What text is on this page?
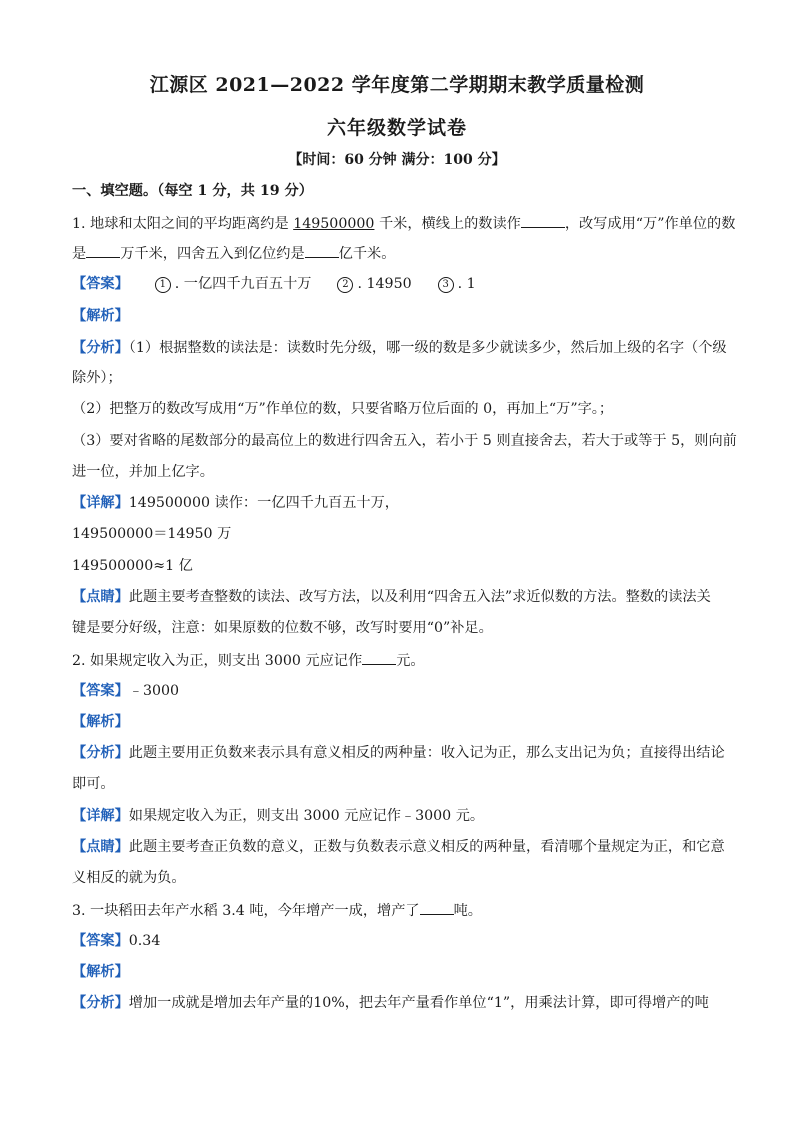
江源区 2021—2022 学年度第二学期期末教学质量检测
六年级数学试卷
【时间：60 分钟 满分：100 分】
一、填空题。（每空 1 分，共 19 分）
1. 地球和太阳之间的平均距离约是 149500000 千米，横线上的数读作	，改写成用“万”作单位的数
是 万千米，四舍五入到亿位约是 亿千米。
【答案】	1 . 一亿四千九百五十万	2 . 14950	3 . 1
【解析】
【分析】（1）根据整数的读法是：读数时先分级，哪一级的数是多少就读多少，然后加上级的名字（个级
除外）；
（2）把整万的数改写成用“万”作单位的数，只要省略万位后面的 0，再加上“万”字。；
（3）要对省略的尾数部分的最高位上的数进行四舍五入，若小于 5 则直接舍去，若大于或等于 5，则向前
进一位，并加上亿字。
【详解】149500000 读作：一亿四千九百五十万，
149500000＝14950 万
149500000≈1 亿
【点睛】此题主要考查整数的读法、改写方法，以及利用“四舍五入法”求近似数的方法。整数的读法关
键是要分好级，注意：如果原数的位数不够，改写时要用“0”补足。
2. 如果规定收入为正，则支出 3000 元应记作 元。
【答案】﹣3000
【解析】
【分析】此题主要用正负数来表示具有意义相反的两种量：收入记为正，那么支出记为负；直接得出结论
即可。
【详解】如果规定收入为正，则支出 3000 元应记作﹣3000 元。
【点睛】此题主要考查正负数的意义，正数与负数表示意义相反的两种量，看清哪个量规定为正，和它意
义相反的就为负。
3. 一块稻田去年产水稻 3.4 吨，今年增产一成，增产了 吨。
【答案】0.34
【解析】
【分析】增加一成就是增加去年产量的10%，把去年产量看作单位“1”，用乘法计算，即可得增产的吨
